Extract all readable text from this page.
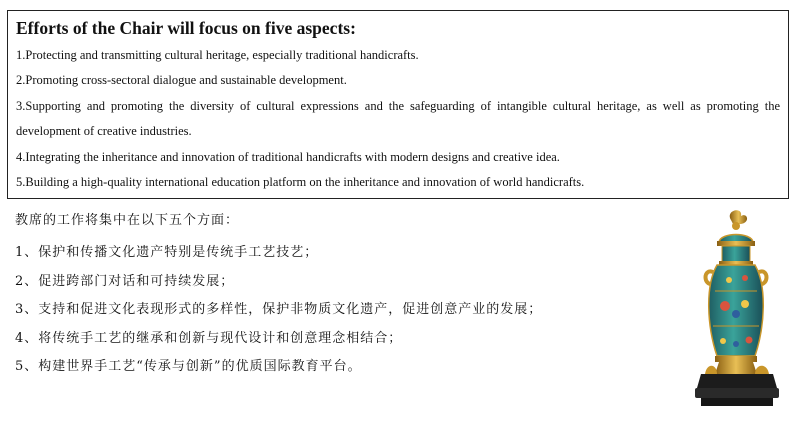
Efforts of the Chair will focus on five aspects:
1.Protecting and transmitting cultural heritage, especially traditional handicrafts.
2.Promoting cross-sectoral dialogue and sustainable development.
3.Supporting and promoting the diversity of cultural expressions and the safeguarding of intangible cultural heritage, as well as promoting the development of creative industries.
4.Integrating the inheritance and innovation of traditional handicrafts with modern designs and creative idea.
5.Building a high-quality international education platform on the inheritance and innovation of world handicrafts.
教席的工作将集中在以下五个方面：
1、保护和传播文化遗产特别是传统手工艺技艺；
2、促进跨部门对话和可持续发展；
3、支持和促进文化表现形式的多样性，保护非物质文化遗产，促进创意产业的发展；
4、将传统手工艺的继承和创新与现代设计和创意理念相结合；
5、构建世界手工艺“传承与创新”的优质国际教育平台。
